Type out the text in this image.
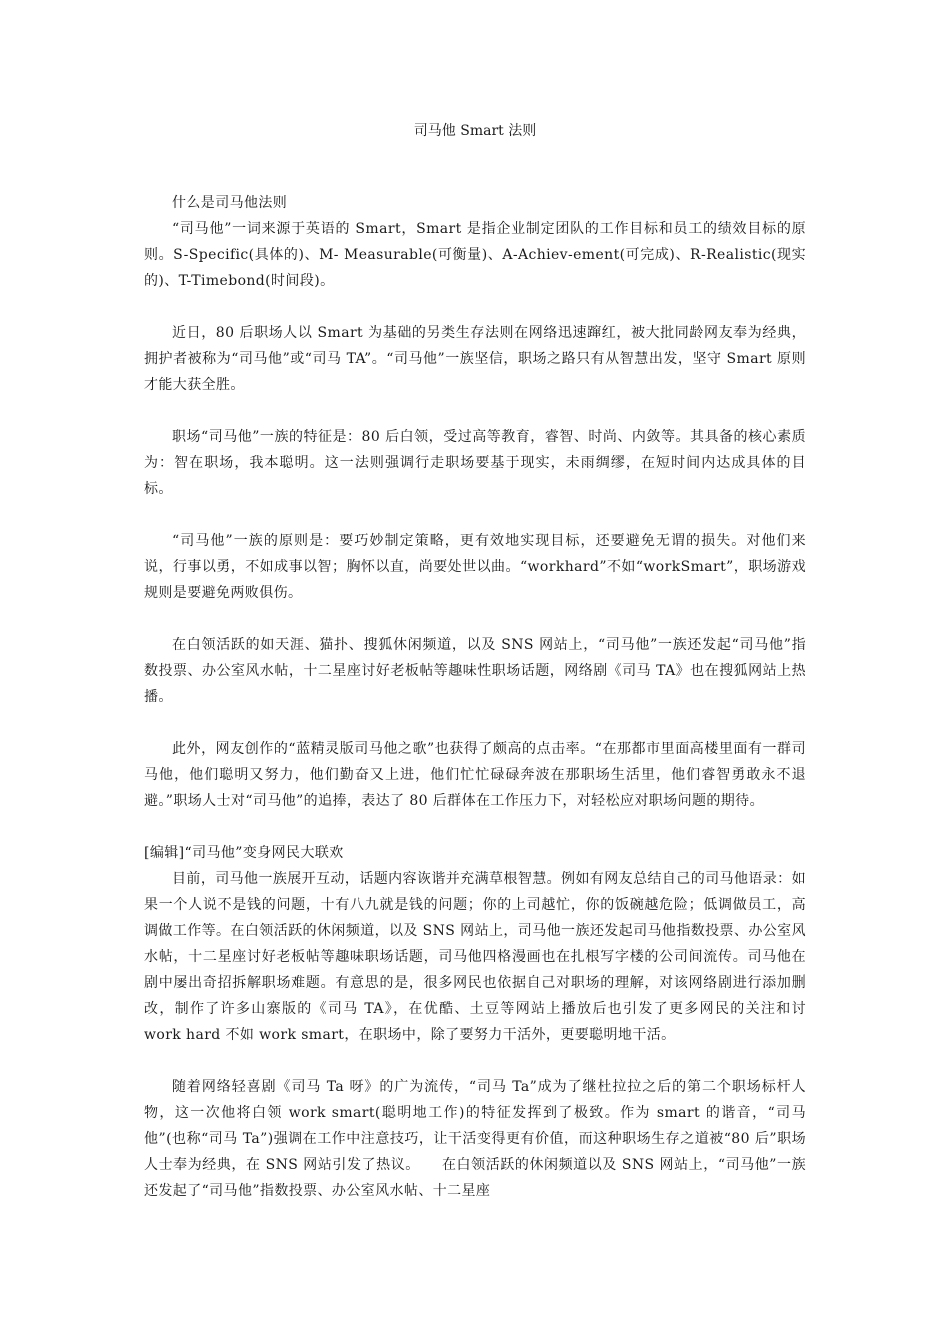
司马他 Smart 法则

什么是司马他法则

“司马他”一词来源于英语的 Smart，Smart 是指企业制定团队的工作目标和员工的绩效目标的原则。S-Specific(具体的)、M- Measurable(可衡量)、A-Achiev-ement(可完成)、R-Realistic(现实的)、T-Timebond(时间段)。

近日，80 后职场人以 Smart 为基础的另类生存法则在网络迅速蹿红，被大批同龄网友奉为经典，拥护者被称为“司马他”或“司马 TA”。“司马他”一族坚信，职场之路只有从智慧出发，坚守 Smart 原则才能大获全胜。

职场“司马他”一族的特征是：80 后白领，受过高等教育，睿智、时尚、内敛等。其具备的核心素质为：智在职场，我本聪明。这一法则强调行走职场要基于现实，未雨绸缪，在短时间内达成具体的目标。

“司马他”一族的原则是：要巧妙制定策略，更有效地实现目标，还要避免无谓的损失。对他们来说，行事以勇，不如成事以智；胸怀以直，尚要处世以曲。“workhard”不如“workSmart”，职场游戏规则是要避免两败俱伤。

在白领活跃的如天涯、猫扑、搜狐休闲频道，以及 SNS 网站上，“司马他”一族还发起“司马他”指数投票、办公室风水帖，十二星座讨好老板帖等趣味性职场话题，网络剧《司马 TA》也在搜狐网站上热播。

此外，网友创作的“蓝精灵版司马他之歌”也获得了颇高的点击率。“在那都市里面高楼里面有一群司马他，他们聪明又努力，他们勤奋又上进，他们忙忙碌碌奔波在那职场生活里，他们睿智勇敢永不退避。”职场人士对“司马他”的追捧，表达了 80 后群体在工作压力下，对轻松应对职场问题的期待。

[编辑]“司马他”变身网民大联欢

目前，司马他一族展开互动，话题内容诙谐并充满草根智慧。例如有网友总结自己的司马他语录：如果一个人说不是钱的问题，十有八九就是钱的问题；你的上司越忙，你的饭碗越危险；低调做员工，高调做工作等。在白领活跃的休闲频道，以及 SNS 网站上，司马他一族还发起司马他指数投票、办公室风水帖，十二星座讨好老板帖等趣味职场话题，司马他四格漫画也在扎根写字楼的公司间流传。司马他在剧中屡出奇招拆解职场难题。有意思的是，很多网民也依据自己对职场的理解，对该网络剧进行添加删改，制作了许多山寨版的《司马 TA》，在优酷、土豆等网站上播放后也引发了更多网民的关注和讨 work hard 不如 work smart，在职场中，除了要努力干活外，更要聪明地干活。

随着网络轻喜剧《司马 Ta 呀》的广为流传，“司马 Ta”成为了继杜拉拉之后的第二个职场标杆人物，这一次他将白领 work smart(聪明地工作)的特征发挥到了极致。作为 smart 的谐音，“司马他”(也称“司马 Ta”)强调在工作中注意技巧，让干活变得更有价值，而这种职场生存之道被“80 后”职场人士奉为经典，在 SNS 网站引发了热议。　　在白领活跃的休闲频道以及 SNS 网站上，“司马他”一族还发起了“司马他”指数投票、办公室风水帖、十二星座
